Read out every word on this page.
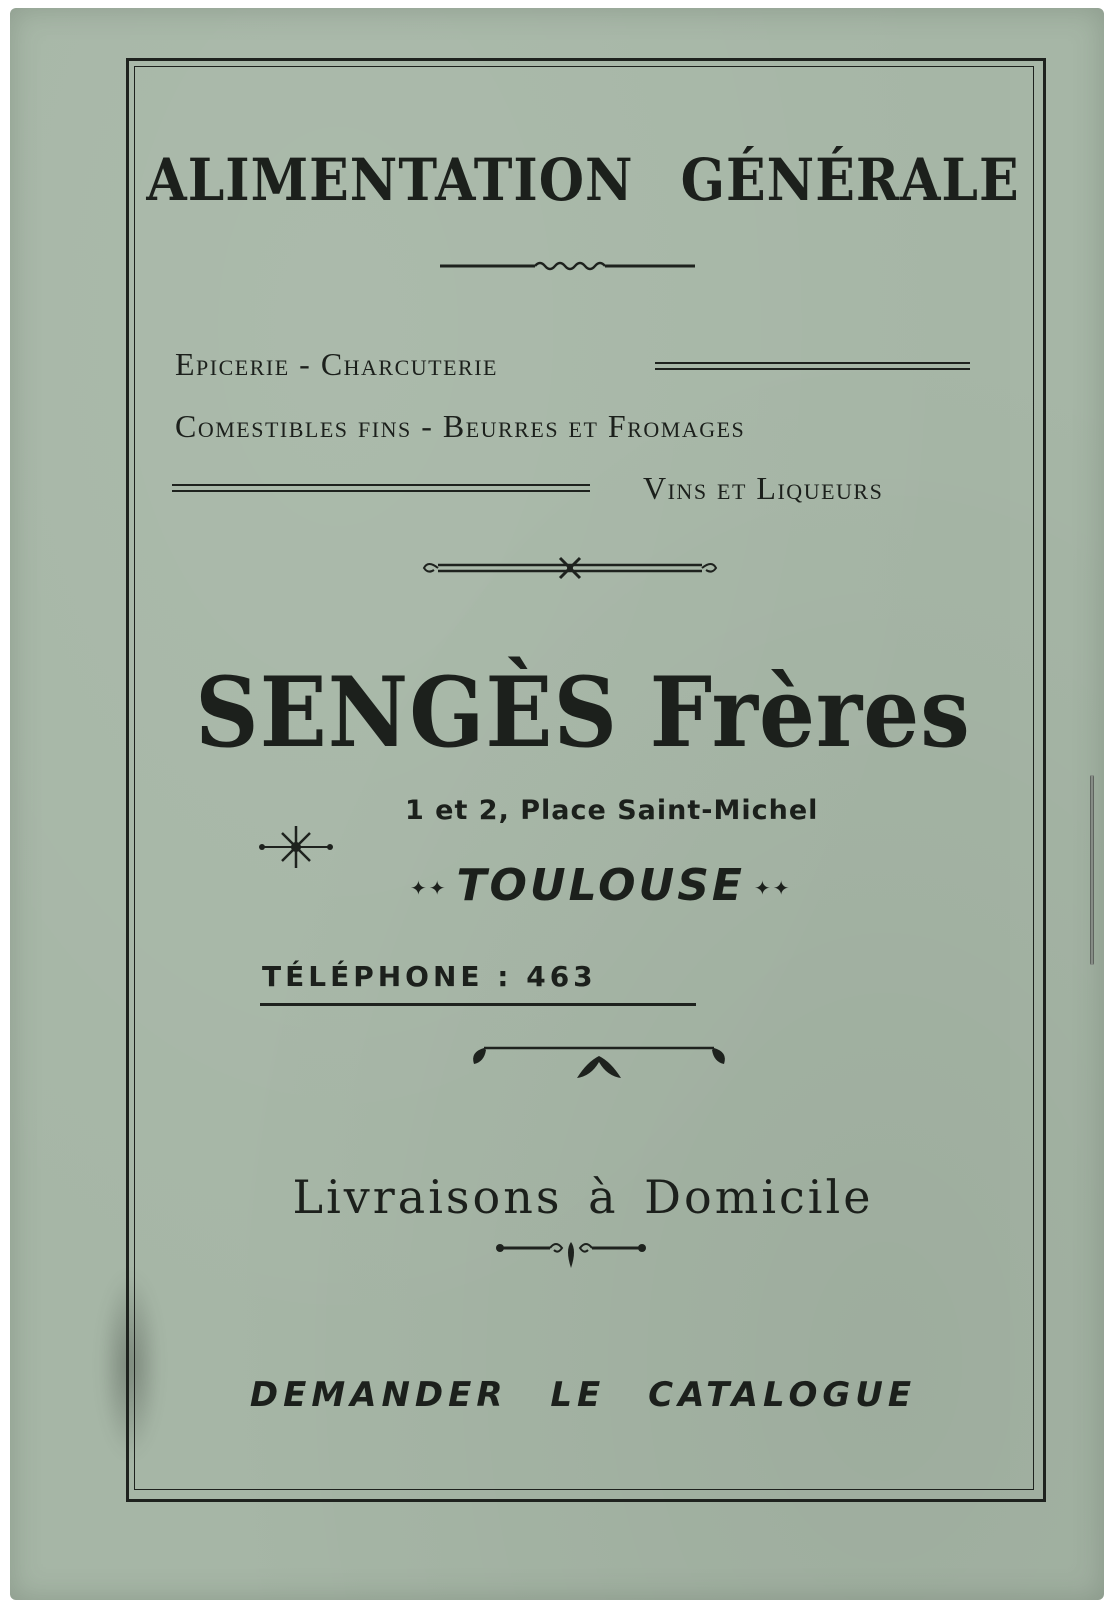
ALIMENTATION GÉNÉRALE
Epicerie - Charcuterie
Comestibles fins - Beurres et Fromages
Vins et Liqueurs
SENGÈS Frères
1 et 2, Place Saint-Michel
✦✦ TOULOUSE ✦✦
TÉLÉPHONE : 463
Livraisons à Domicile
DEMANDER LE CATALOGUE
